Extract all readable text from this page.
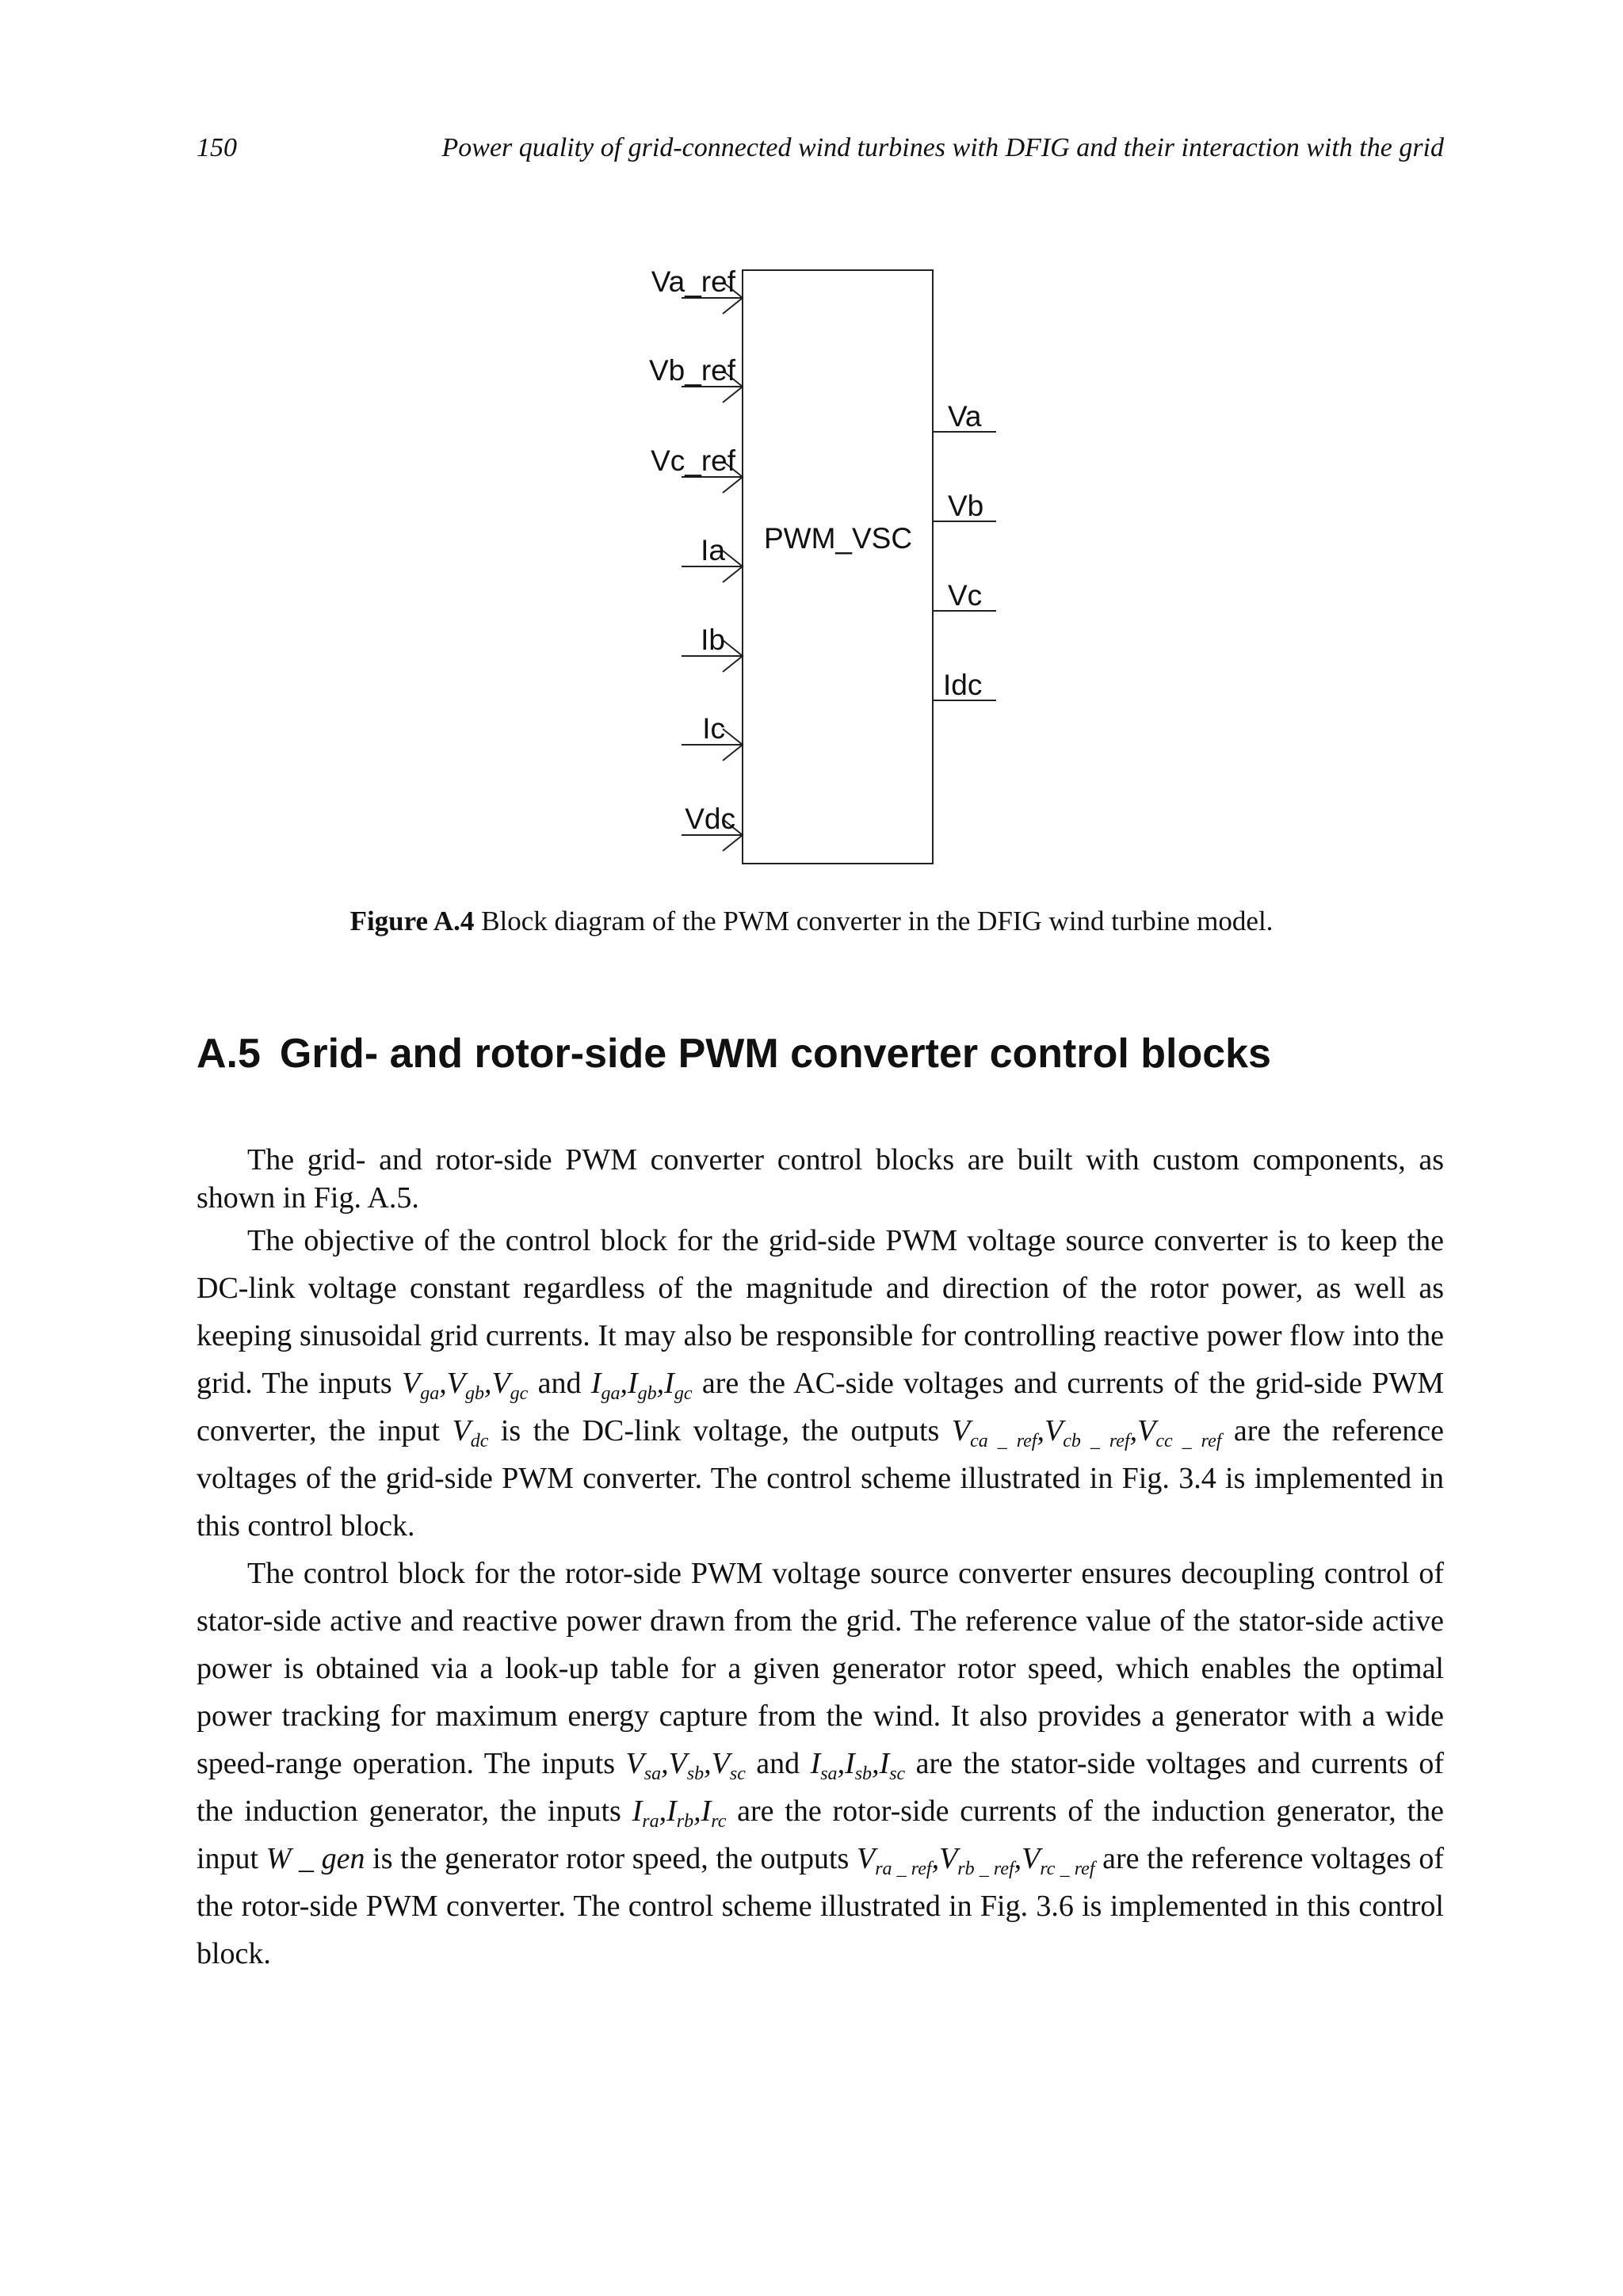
150	Power quality of grid-connected wind turbines with DFIG and their interaction with the grid
PWM_VSC
Va_ref
Vb_ref
Vc_ref
Ia
Ib
Ic
Vdc
Va
Vb
Vc
Idc
Figure A.4 Block diagram of the PWM converter in the DFIG wind turbine model.
A.5 Grid- and rotor-side PWM converter control blocks

The grid- and rotor-side PWM converter control blocks are built with custom components, as shown in Fig. A.5.

The objective of the control block for the grid-side PWM voltage source converter is to keep the DC-link voltage constant regardless of the magnitude and direction of the rotor power, as well as keeping sinusoidal grid currents. It may also be responsible for controlling reactive power flow into the grid. The inputs $V_{ga},V_{gb},V_{gc}$ and $I_{ga},I_{gb},I_{gc}$ are the AC-side voltages and currents of the grid-side PWM converter, the input $V_{dc}$ is the DC-link voltage, the outputs $V_{ca \_ ref},V_{cb \_ ref},V_{cc \_ ref}$ are the reference voltages of the grid-side PWM converter. The control scheme illustrated in Fig. 3.4 is implemented in this control block.

The control block for the rotor-side PWM voltage source converter ensures decoupling control of stator-side active and reactive power drawn from the grid. The reference value of the stator-side active power is obtained via a look-up table for a given generator rotor speed, which enables the optimal power tracking for maximum energy capture from the wind. It also provides a generator with a wide speed-range operation. The inputs $V_{sa},V_{sb},V_{sc}$ and $I_{sa},I_{sb},I_{sc}$ are the stator-side voltages and currents of the induction generator, the inputs $I_{ra},I_{rb},I_{rc}$ are the rotor-side currents of the induction generator, the input W _ gen is the generator rotor speed, the outputs $V_{ra \_ ref},V_{rb \_ ref},V_{rc \_ ref}$ are the reference voltages of the rotor-side PWM converter. The control scheme illustrated in Fig. 3.6 is implemented in this control block.
